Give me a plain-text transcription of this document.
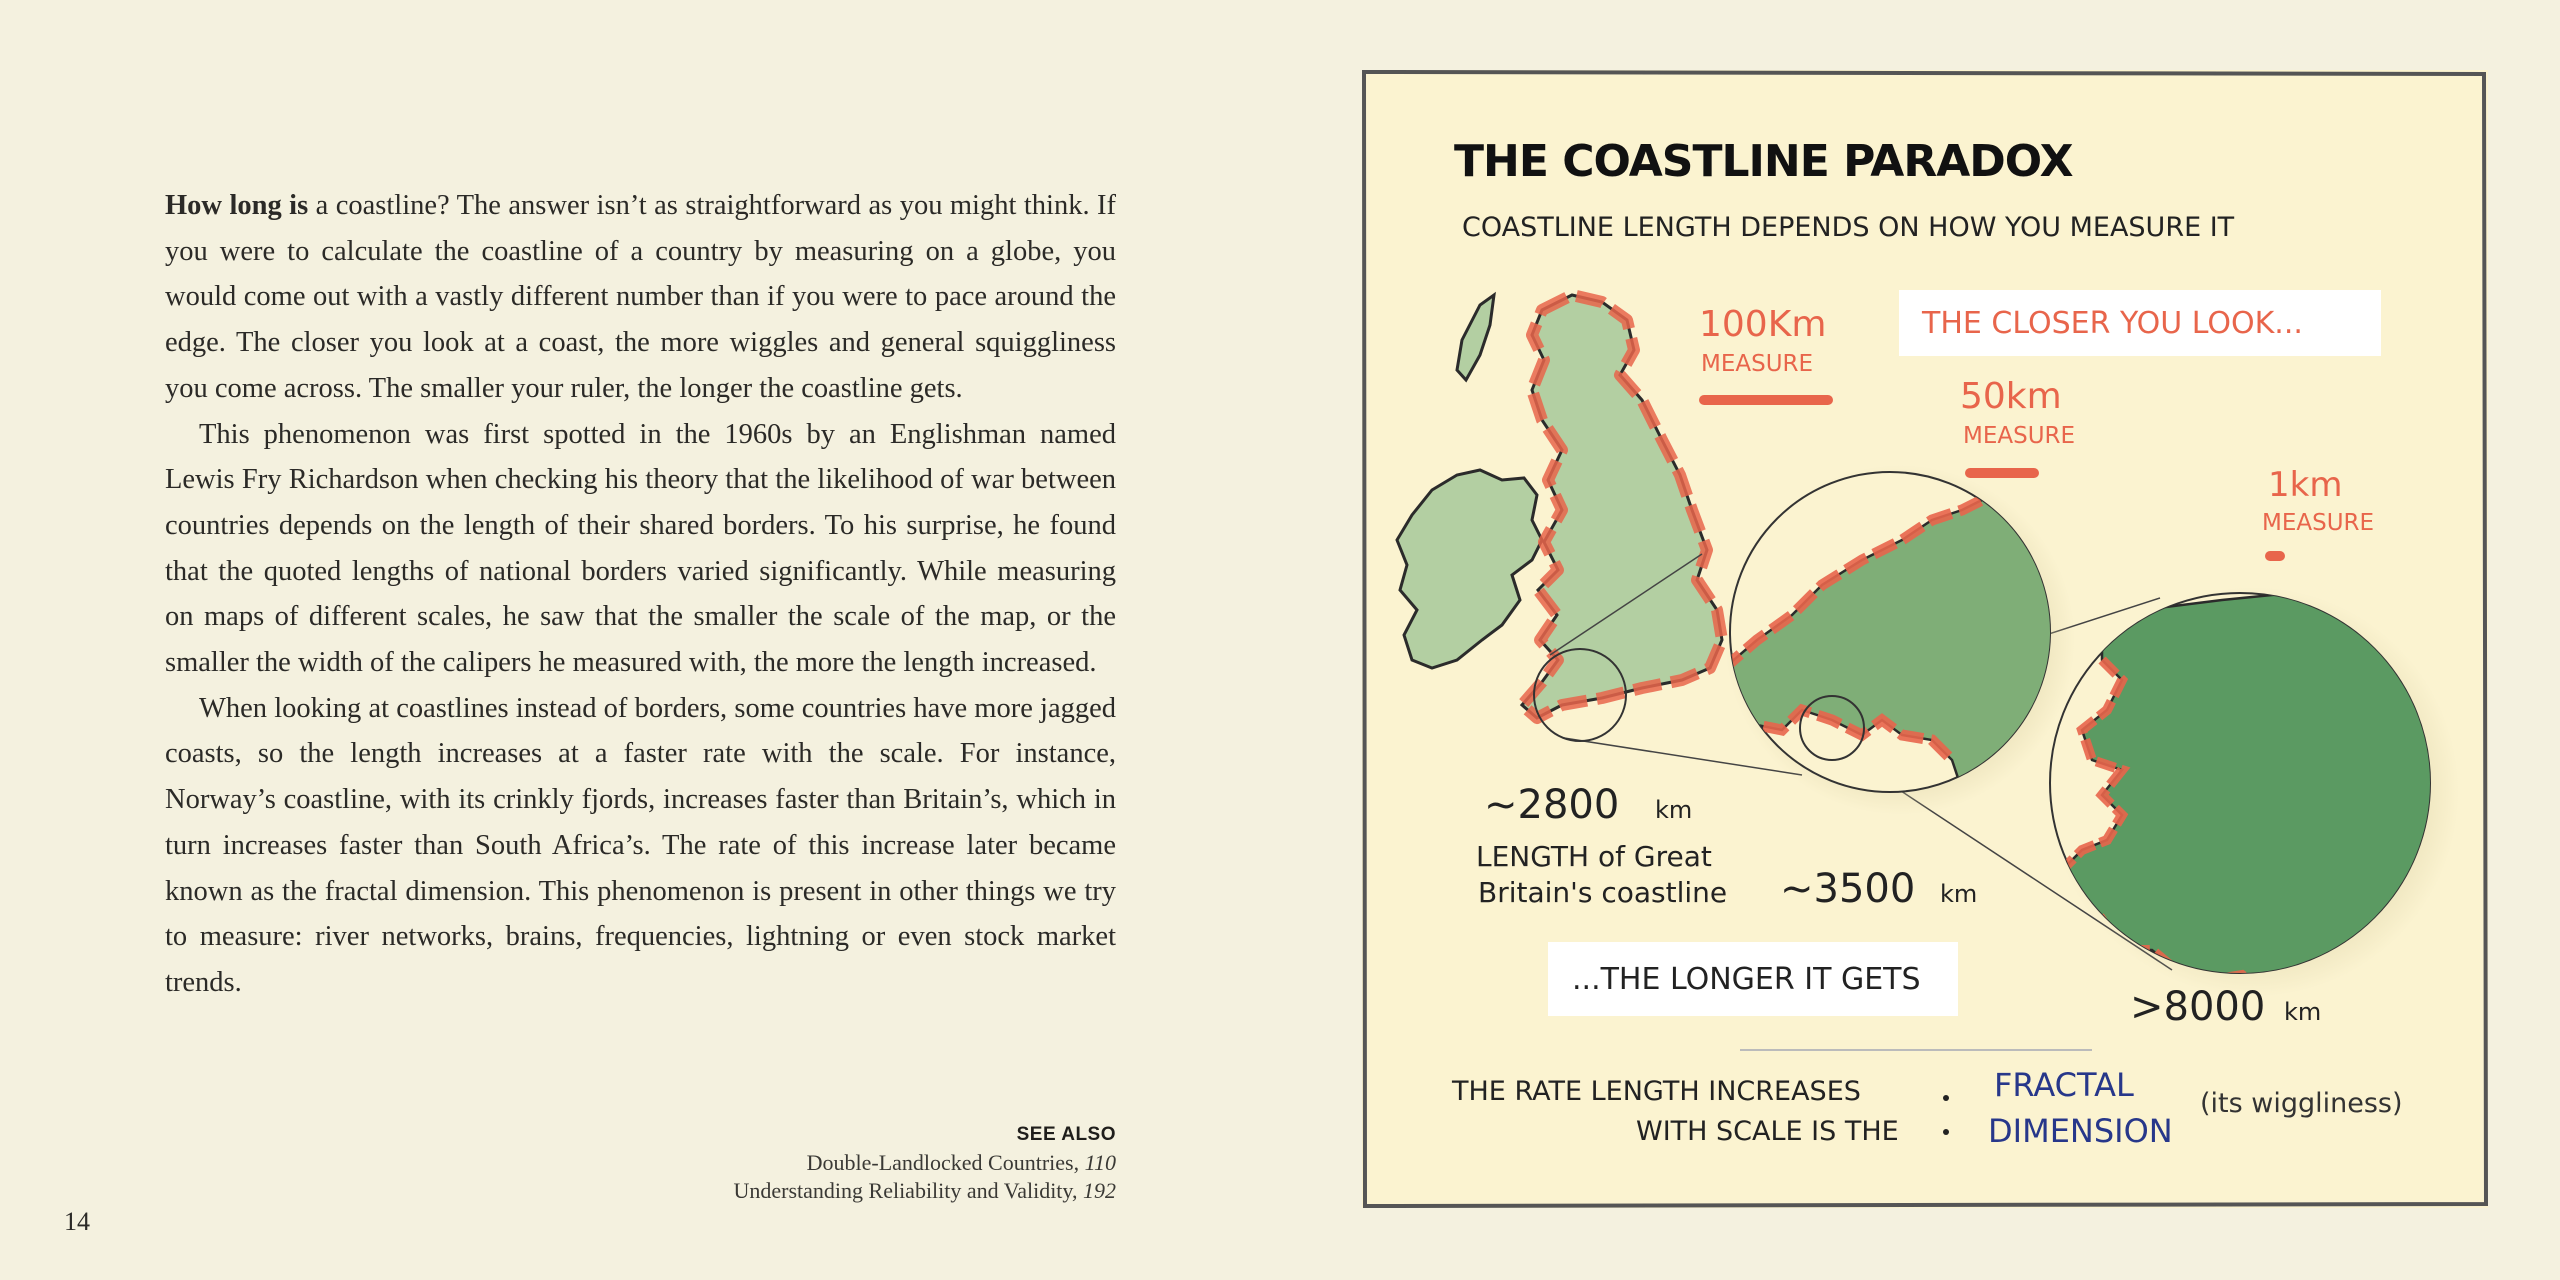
How long is a coastline? The answer isn’t as straightforward as you might think. If you were to calculate the coastline of a country by measuring on a globe, you would come out with a vastly different number than if you were to pace around the edge. The closer you look at a coast, the more wiggles and general squiggliness you come across. The smaller your ruler, the longer the coastline gets.

This phenomenon was first spotted in the 1960s by an Englishman named Lewis Fry Richardson when checking his theory that the likelihood of war between countries depends on the length of their shared borders. To his surprise, he found that the quoted lengths of national borders varied significantly. While measuring on maps of different scales, he saw that the smaller the scale of the map, or the smaller the width of the calipers he measured with, the more the length increased.

When looking at coastlines instead of borders, some countries have more jagged coasts, so the length increases at a faster rate with the scale. For instance, Norway’s coastline, with its crinkly fjords, increases faster than Britain’s, which in turn increases faster than South Africa’s. The rate of this increase later became known as the fractal dimension. This phenomenon is present in other things we try to measure: river networks, brains, frequencies, lightning or even stock market trends.

SEE ALSO
Double-Landlocked Countries, 110
Understanding Reliability and Validity, 192
14
THE COASTLINE PARADOX
COASTLINE LENGTH DEPENDS ON HOW YOU MEASURE IT
THE CLOSER YOU LOOK...
100Km
MEASURE
50km
MEASURE
1km
MEASURE
~2800 km
LENGTH of Great
Britain's coastline ~3500 km
>8000 km
...THE LONGER IT GETS
THE RATE LENGTH INCREASES
WITH SCALE IS THE
FRACTAL
DIMENSION
(its wiggliness)
